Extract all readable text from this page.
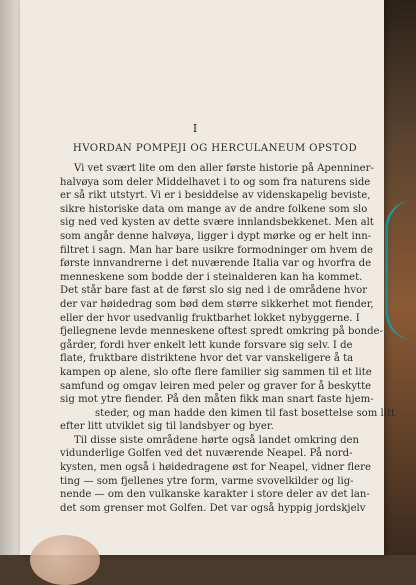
I
HVORDAN POMPEJI OG HERCULANEUM OPSTOD
Vi vet svært lite om den aller første historie på Apenniner-
halvøya som deler Middelhavet i to og som fra naturens side
er så rikt utstyrt. Vi er i besiddelse av videnskapelig beviste,
sikre historiske data om mange av de andre folkene som slo
sig ned ved kysten av dette svære innlandsbekkenet. Men alt
som angår denne halvøya, ligger i dypt mørke og er helt inn-
filtret i sagn. Man har bare usikre formodninger om hvem de
første innvandrerne i det nuværende Italia var og hvorfra de
menneskene som bodde der i steinalderen kan ha kommet.
Det står bare fast at de først slo sig ned i de områdene hvor
der var høidedrag som bød dem større sikkerhet mot fiender,
eller der hvor usedvanlig fruktbarhet lokket nybyggerne. I
fjellegnene levde menneskene oftest spredt omkring på bonde-
gårder, fordi hver enkelt lett kunde forsvare sig selv. I de
flate, fruktbare distriktene hvor det var vanskeligere å ta
kampen op alene, slo ofte flere familier sig sammen til et lite
samfund og omgav leiren med peler og graver for å beskytte
sig mot ytre fiender. På den måten fikk man snart faste hjem-
steder, og man hadde den kimen til fast bosettelse som litt
efter litt utviklet sig til landsbyer og byer.
Til disse siste områdene hørte også landet omkring den
vidunderlige Golfen ved det nuværende Neapel. På nord-
kysten, men også i høidedragene øst for Neapel, vidner flere
ting — som fjellenes ytre form, varme svovelkilder og lig-
nende — om den vulkanske karakter i store deler av det lan-
det som grenser mot Golfen. Det var også hyppig jordskjelv
